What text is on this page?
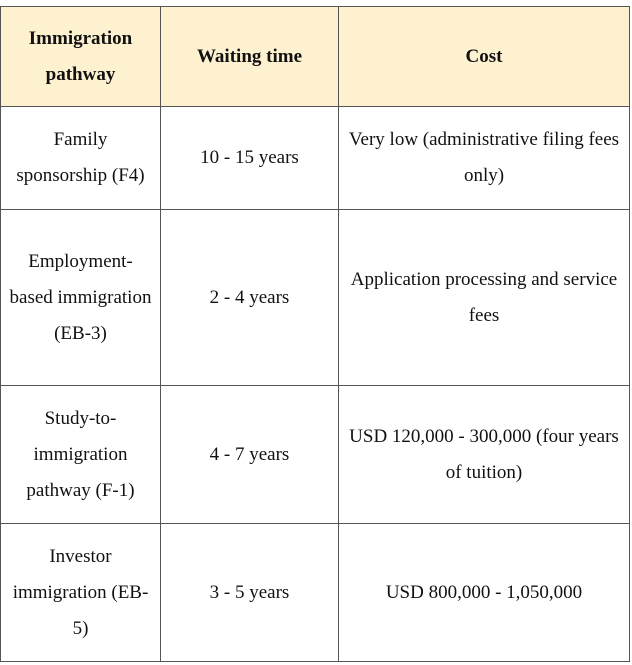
Immigration pathway	Waiting time	Cost
Family sponsorship (F4)	10 - 15 years	Very low (administrative filing fees only)
Employment-based immigration (EB-3)	2 - 4 years	Application processing and service fees
Study-to-immigration pathway (F-1)	4 - 7 years	USD 120,000 - 300,000 (four years of tuition)
Investor immigration (EB-5)	3 - 5 years	USD 800,000 - 1,050,000
